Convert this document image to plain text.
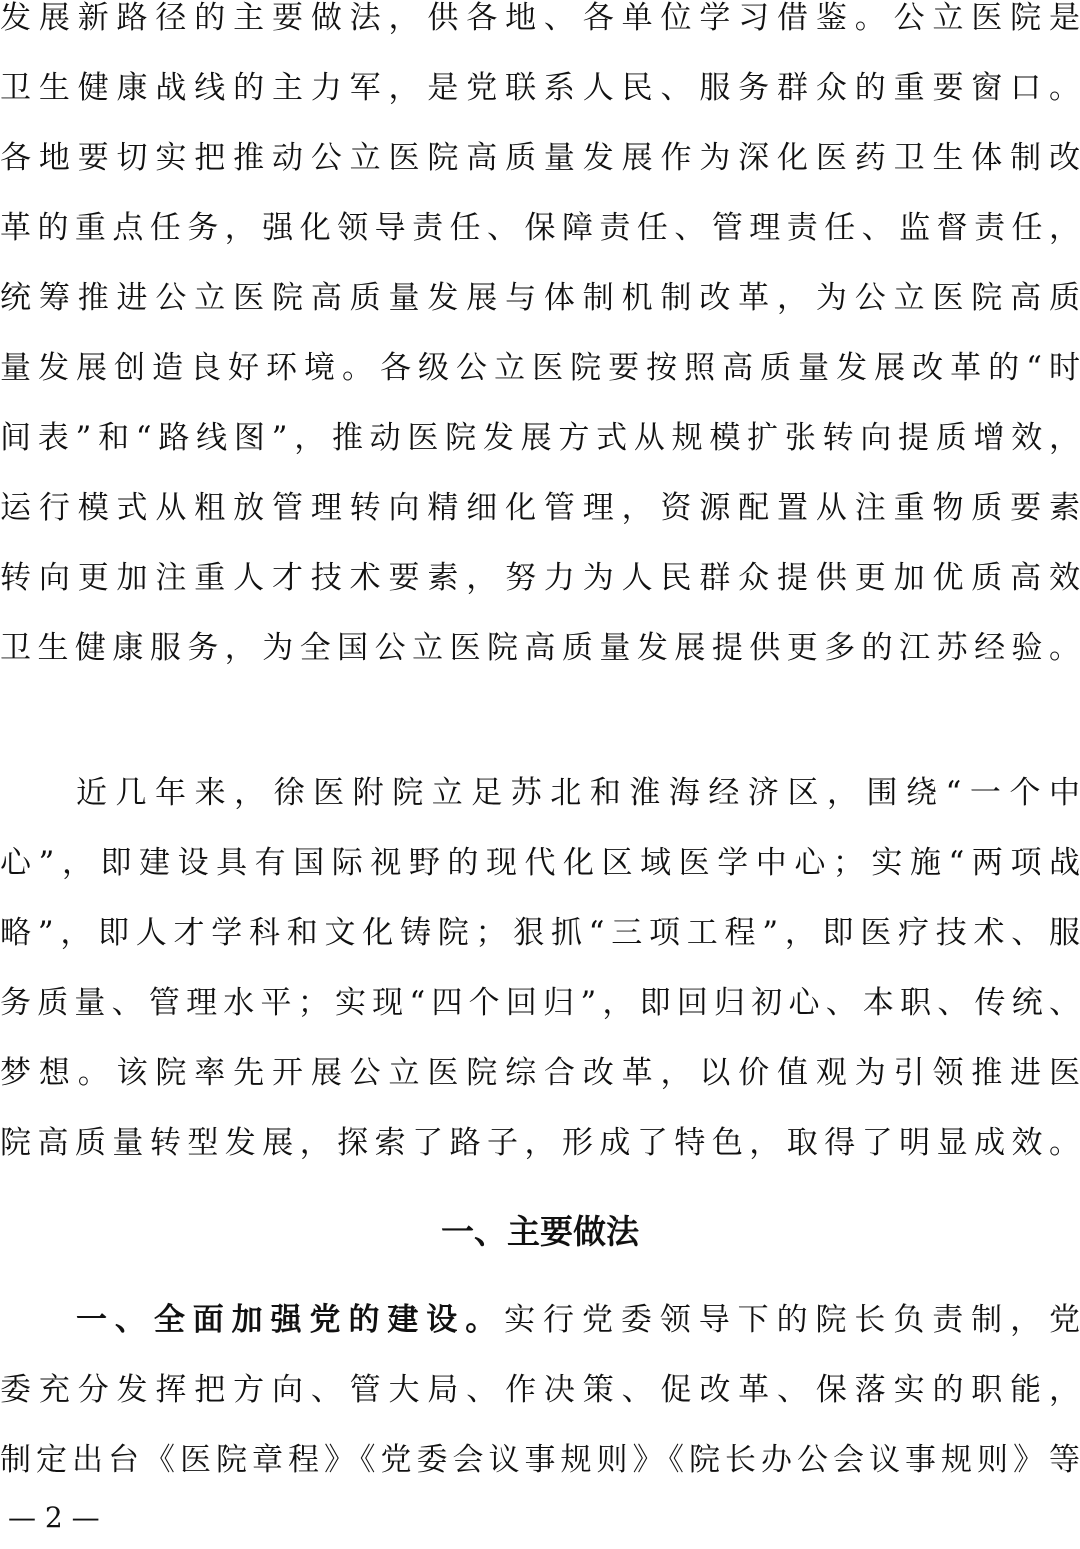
发展新路径的主要做法，供各地、各单位学习借鉴。公立医院是
卫生健康战线的主力军，是党联系人民、服务群众的重要窗口。
各地要切实把推动公立医院高质量发展作为深化医药卫生体制改
革的重点任务，强化领导责任、保障责任、管理责任、监督责任，
统筹推进公立医院高质量发展与体制机制改革，为公立医院高质
量发展创造良好环境。各级公立医院要按照高质量发展改革的“时
间表”和“路线图”，推动医院发展方式从规模扩张转向提质增效，
运行模式从粗放管理转向精细化管理，资源配置从注重物质要素
转向更加注重人才技术要素，努力为人民群众提供更加优质高效
卫生健康服务，为全国公立医院高质量发展提供更多的江苏经验。
近几年来，徐医附院立足苏北和淮海经济区，围绕“一个中
心”，即建设具有国际视野的现代化区域医学中心；实施“两项战
略”，即人才学科和文化铸院；狠抓“三项工程”，即医疗技术、服
务质量、管理水平；实现“四个回归”，即回归初心、本职、传统、
梦想。该院率先开展公立医院综合改革，以价值观为引领推进医
院高质量转型发展，探索了路子，形成了特色，取得了明显成效。
一、主要做法
一、全面加强党的建设。实行党委领导下的院长负责制，党
委充分发挥把方向、管大局、作决策、促改革、保落实的职能，
制定出台《医院章程》《党委会议事规则》《院长办公会议事规则》等
— 2 —
